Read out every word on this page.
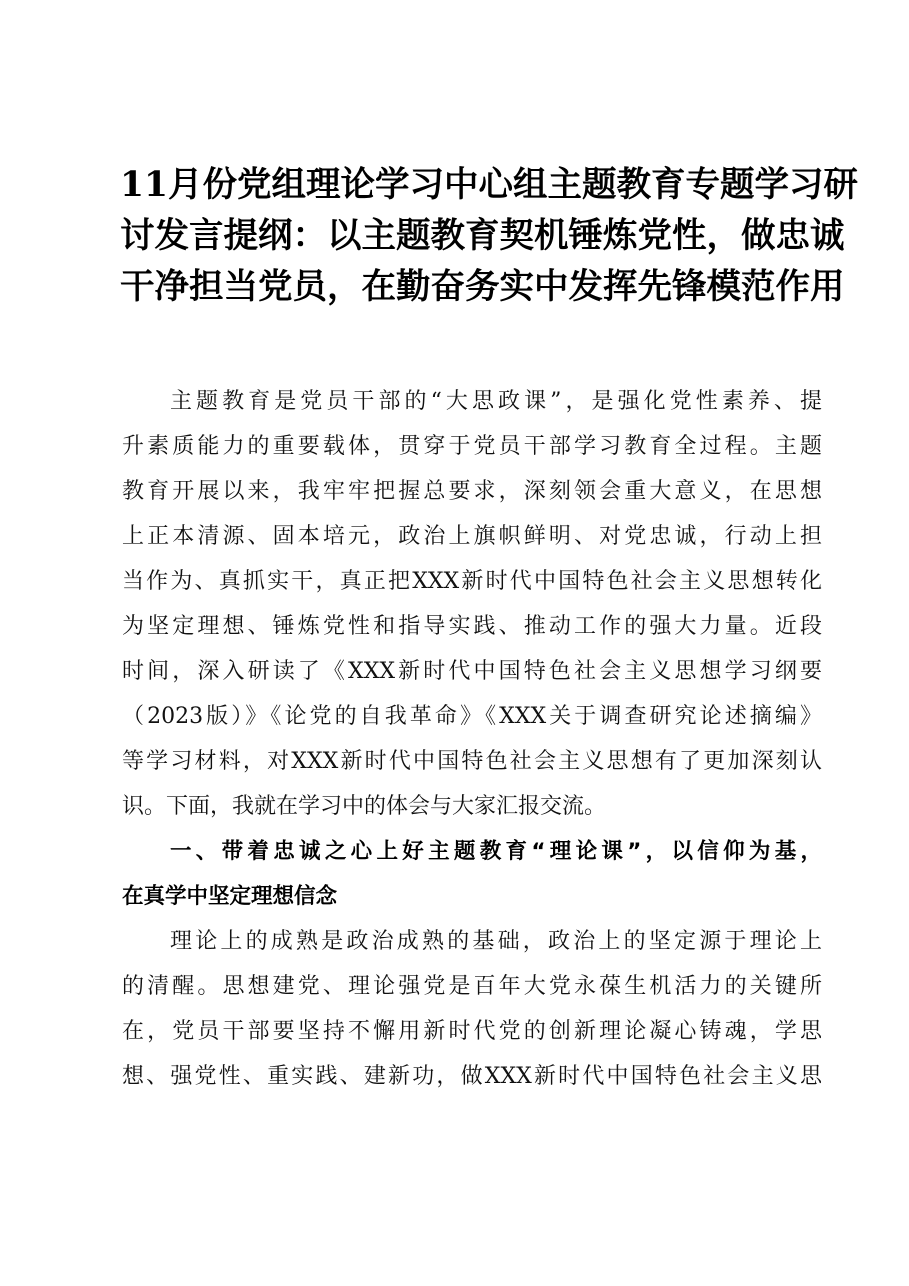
11月份党组理论学习中心组主题教育专题学习研
讨发言提纲：以主题教育契机锤炼党性，做忠诚
干净担当党员，在勤奋务实中发挥先锋模范作用
主题教育是党员干部的“大思政课”，是强化党性素养、提
升素质能力的重要载体，贯穿于党员干部学习教育全过程。主题
教育开展以来，我牢牢把握总要求，深刻领会重大意义，在思想
上正本清源、固本培元，政治上旗帜鲜明、对党忠诚，行动上担
当作为、真抓实干，真正把XXX新时代中国特色社会主义思想转化
为坚定理想、锤炼党性和指导实践、推动工作的强大力量。近段
时间，深入研读了《XXX新时代中国特色社会主义思想学习纲要
（2023版）》《论党的自我革命》《XXX关于调查研究论述摘编》
等学习材料，对XXX新时代中国特色社会主义思想有了更加深刻认
识。下面，我就在学习中的体会与大家汇报交流。
一、带着忠诚之心上好主题教育“理论课”，以信仰为基，
在真学中坚定理想信念
理论上的成熟是政治成熟的基础，政治上的坚定源于理论上
的清醒。思想建党、理论强党是百年大党永葆生机活力的关键所
在，党员干部要坚持不懈用新时代党的创新理论凝心铸魂，学思
想、强党性、重实践、建新功，做XXX新时代中国特色社会主义思
